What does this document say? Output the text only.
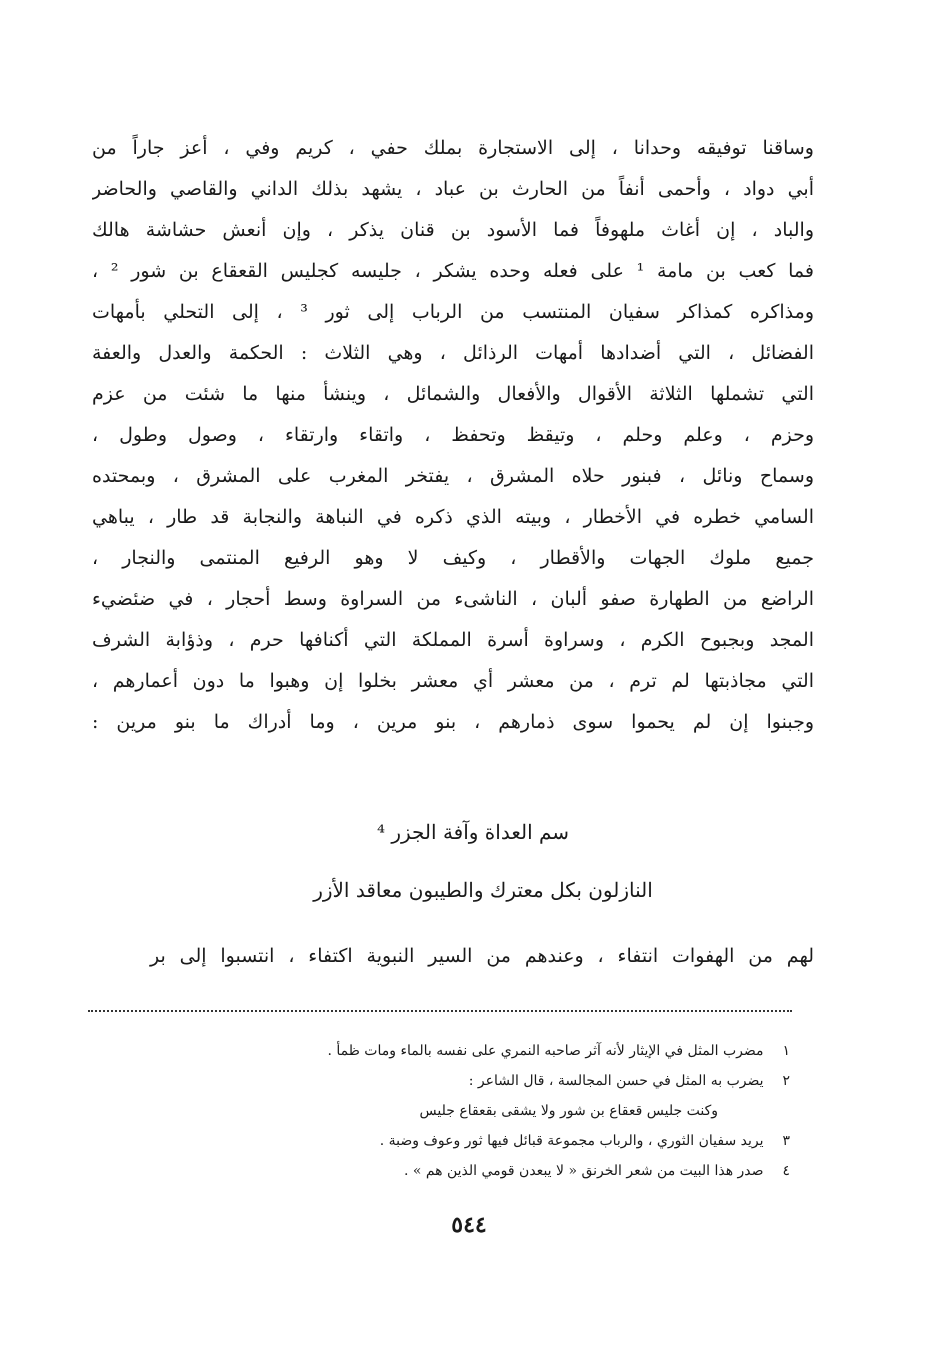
وساقنا توفيقه وحدانا ، إلى الاستجارة بملك حفي ، كريم وفي ، أعز جاراً من
أبي دواد ، وأحمى أنفاً من الحارث بن عباد ، يشهد بذلك الداني والقاصي والحاضر
والباد ، إن أغاث ملهوفاً فما الأسود بن قنان يذكر ، وإن أنعش حشاشة هالك
فما كعب بن مامة ¹ على فعله وحده يشكر ، جليسه كجليس القعقاع بن شور ² ،
ومذاكره كمذاكر سفيان المنتسب من الرباب إلى ثور ³ ، إلى التحلي بأمهات
الفضائل ، التي أضدادها أمهات الرذائل ، وهي الثلاث : الحكمة والعدل والعفة
التي تشملها الثلاثة الأقوال والأفعال والشمائل ، وينشأ منها ما شئت من عزم
وحزم ، وعلم وحلم ، وتيقظ وتحفظ ، واتقاء وارتقاء ، وصول وطول ،
وسماح ونائل ، فبنور حلاه المشرق ، يفتخر المغرب على المشرق ، وبمحتده
السامي خطره في الأخطار ، وبيته الذي ذكره في النباهة والنجابة قد طار ، يباهي
جميع ملوك الجهات والأقطار ، وكيف لا وهو الرفيع المنتمى والنجار ،
الراضع من الطهارة صفو ألبان ، الناشىء من السراوة وسط أحجار ، في ضئضيء
المجد وبجبوح الكرم ، وسراوة أسرة المملكة التي أكنافها حرم ، وذؤابة الشرف
التي مجاذبتها لم ترم ، من معشر أي معشر بخلوا إن وهبوا ما دون أعمارهم ،
وجبنوا إن لم يحموا سوى ذمارهم ، بنو مرين ، وما أدراك ما بنو مرين :
سم العداة وآفة الجزر ⁴
النازلون بكل معترك والطيبون معاقد الأزر
لهم من الهفوات انتفاء ، وعندهم من السير النبوية اكتفاء ، انتسبوا إلى بر
١ مضرب المثل في الإيثار لأنه آثر صاحبه النمري على نفسه بالماء ومات ظمأ .
٢ يضرب به المثل في حسن المجالسة ، قال الشاعر :
وكنت جليس قعقاع بن شور ولا يشقى بقعقاع جليس
٣ يريد سفيان الثوري ، والرباب مجموعة قبائل فيها ثور وعوف وضبة .
٤ صدر هذا البيت من شعر الخرنق « لا يبعدن قومي الذين هم » .
٥٤٤
